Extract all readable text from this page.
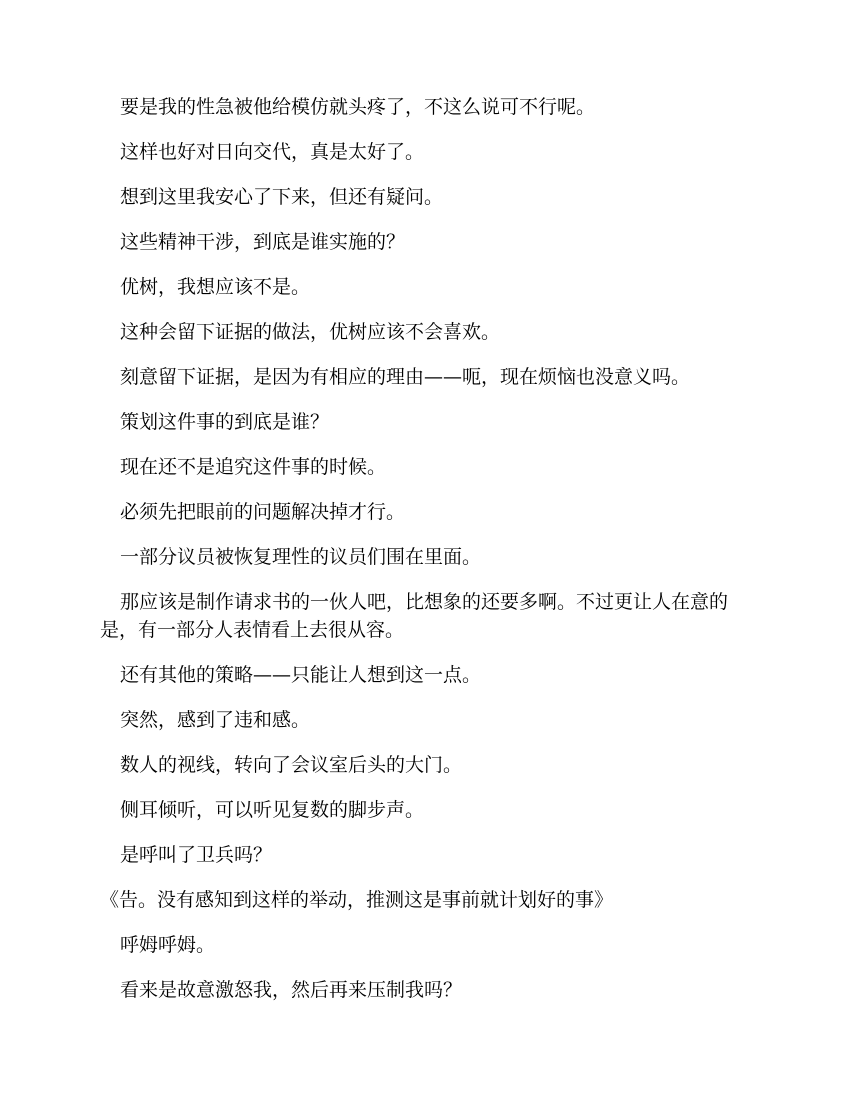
要是我的性急被他给模仿就头疼了，不这么说可不行呢。

这样也好对日向交代，真是太好了。

想到这里我安心了下来，但还有疑问。

这些精神干涉，到底是谁实施的？

优树，我想应该不是。

这种会留下证据的做法，优树应该不会喜欢。

刻意留下证据，是因为有相应的理由——呃，现在烦恼也没意义吗。

策划这件事的到底是谁？

现在还不是追究这件事的时候。

必须先把眼前的问题解决掉才行。

一部分议员被恢复理性的议员们围在里面。

那应该是制作请求书的一伙人吧，比想象的还要多啊。不过更让人在意的是，有一部分人表情看上去很从容。

还有其他的策略——只能让人想到这一点。

突然，感到了违和感。

数人的视线，转向了会议室后头的大门。

侧耳倾听，可以听见复数的脚步声。

是呼叫了卫兵吗？

《告。没有感知到这样的举动，推测这是事前就计划好的事》

呼姆呼姆。

看来是故意激怒我，然后再来压制我吗？
